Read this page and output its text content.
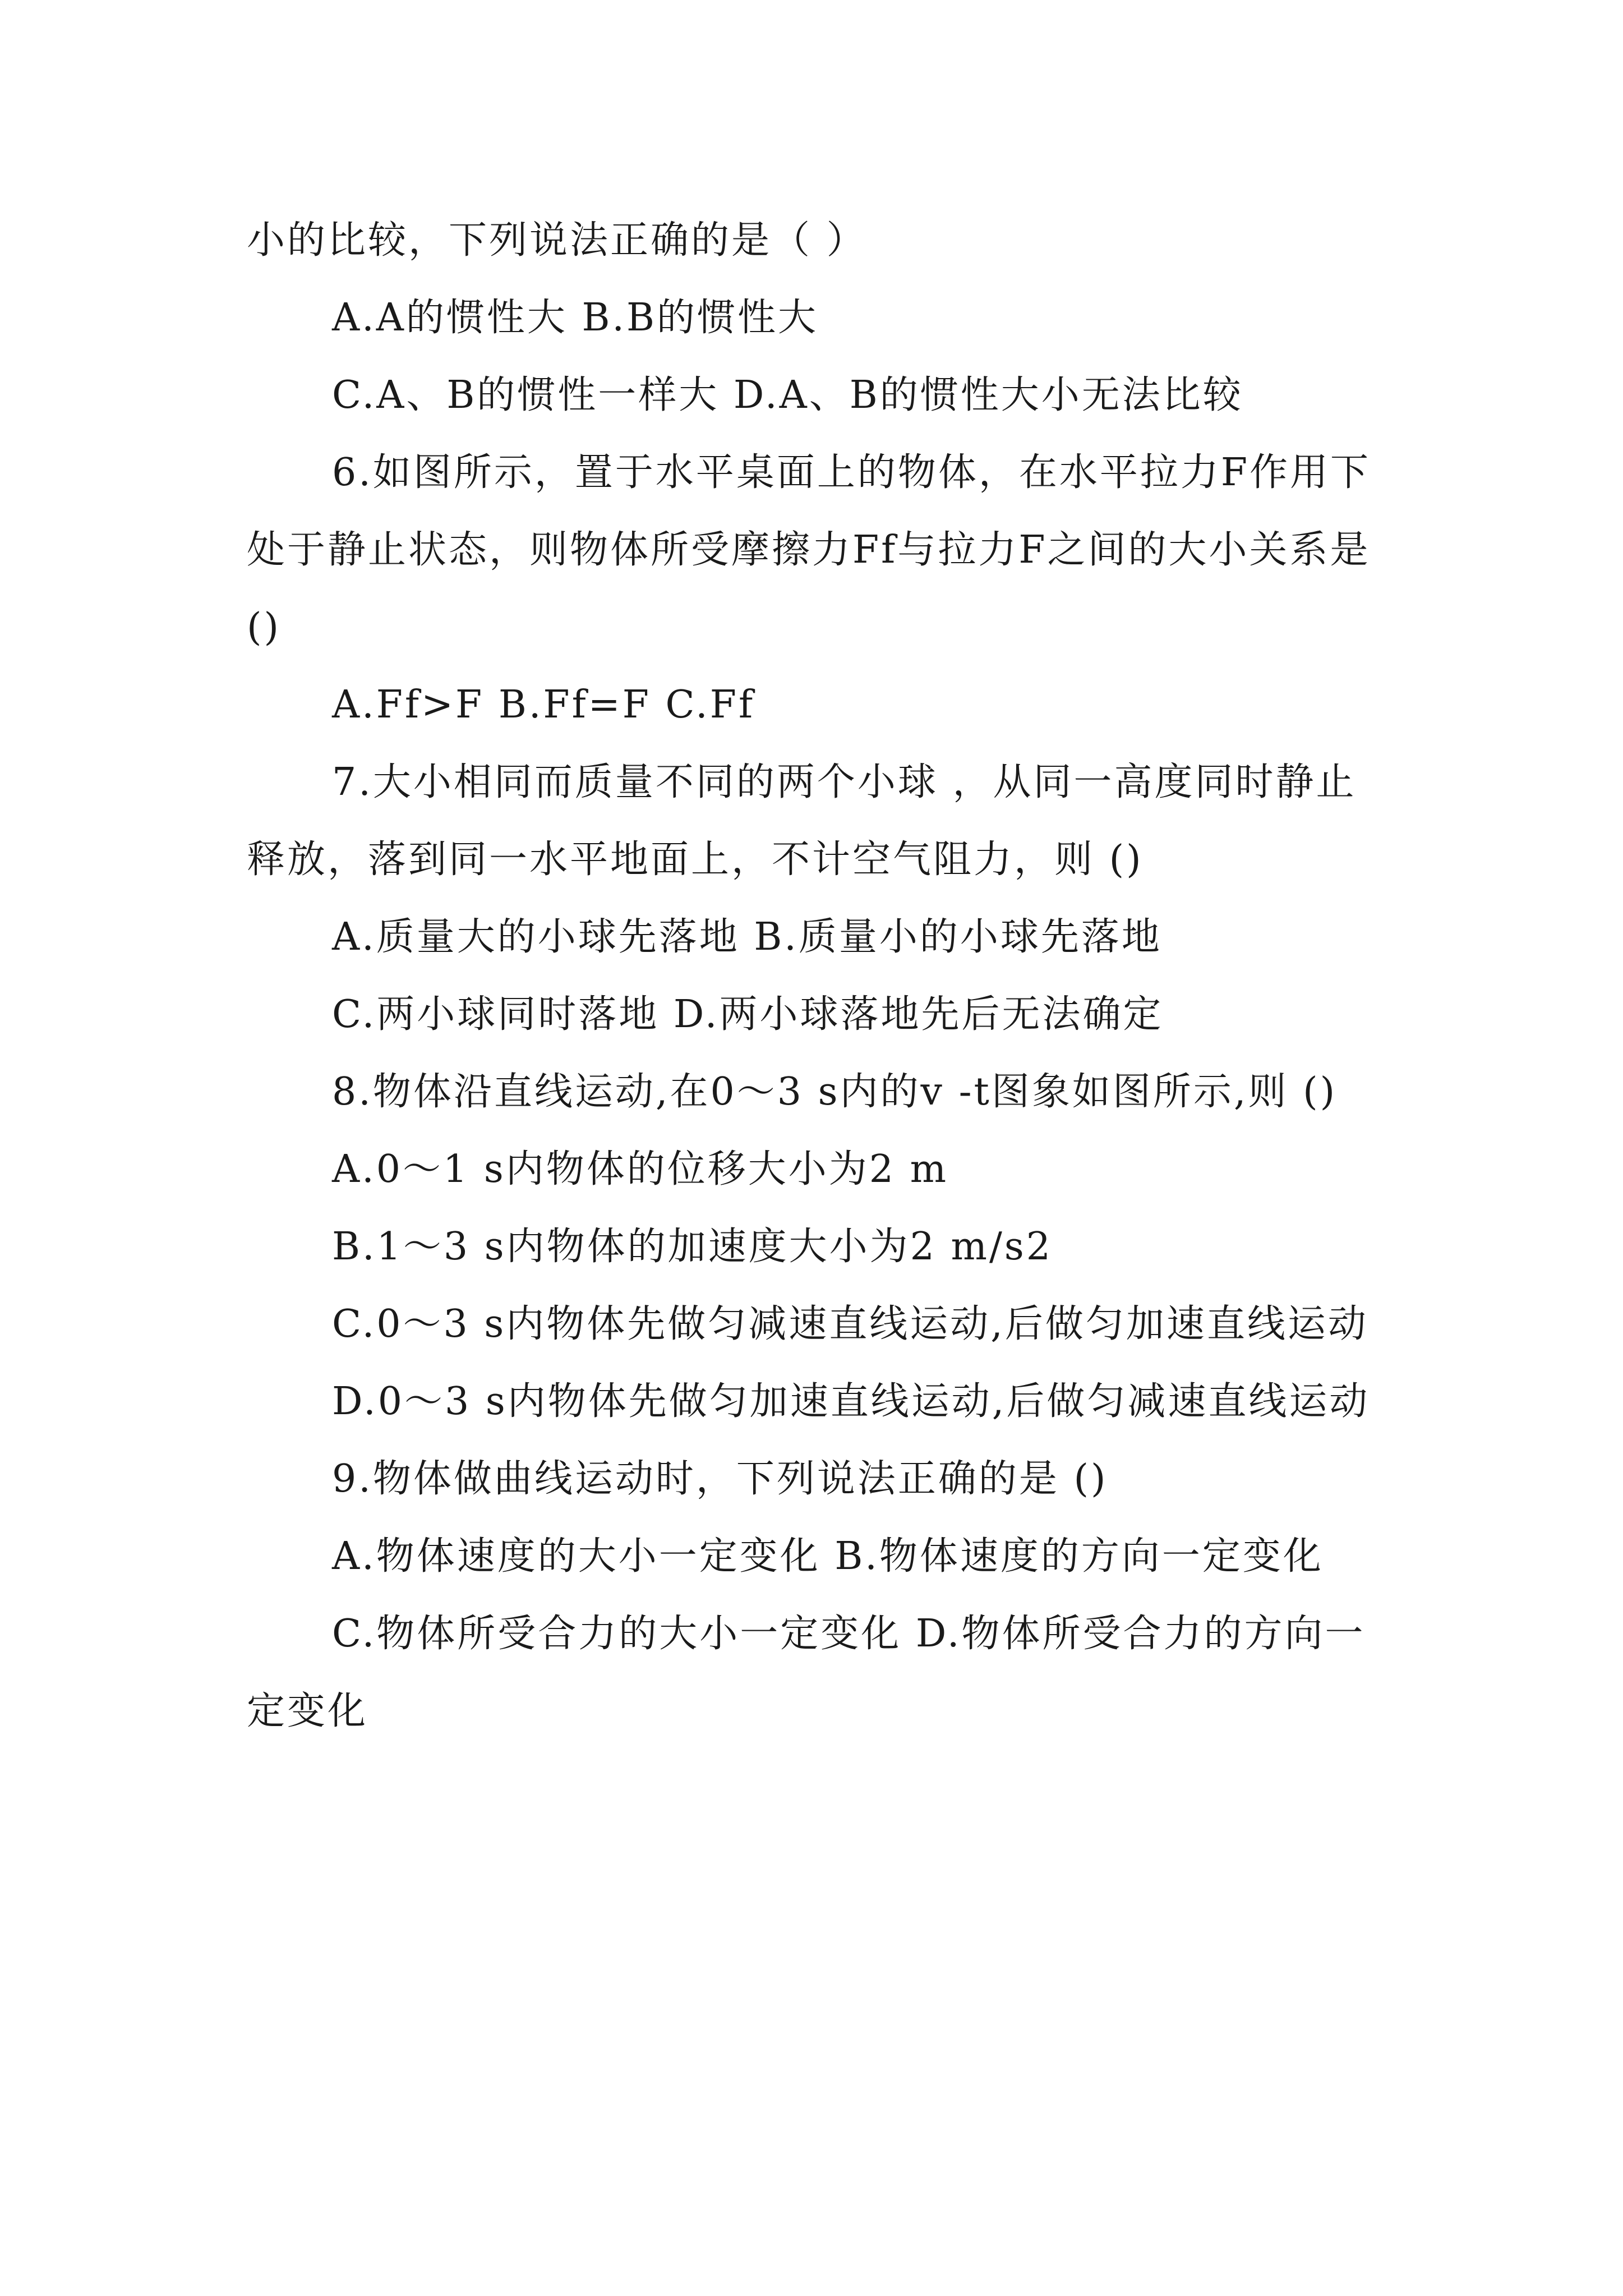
小的比较，下列说法正确的是（ ）

A.A的惯性大 B.B的惯性大

C.A、B的惯性一样大 D.A、B的惯性大小无法比较

6.如图所示，置于水平桌面上的物体，在水平拉力F作用下处于静止状态，则物体所受摩擦力Ff与拉力F之间的大小关系是 ()

A.Ff>F B.Ff=F C.Ff

7.大小相同而质量不同的两个小球 ，从同一高度同时静止释放，落到同一水平地面上，不计空气阻力，则 ()

A.质量大的小球先落地 B.质量小的小球先落地

C.两小球同时落地 D.两小球落地先后无法确定

8.物体沿直线运动,在0～3 s内的v -t图象如图所示,则 ()

A.0～1 s内物体的位移大小为2 m

B.1～3 s内物体的加速度大小为2 m/s2

C.0～3 s内物体先做匀减速直线运动,后做匀加速直线运动

D.0～3 s内物体先做匀加速直线运动,后做匀减速直线运动

9.物体做曲线运动时，下列说法正确的是 ()

A.物体速度的大小一定变化 B.物体速度的方向一定变化

C.物体所受合力的大小一定变化 D.物体所受合力的方向一定变化
